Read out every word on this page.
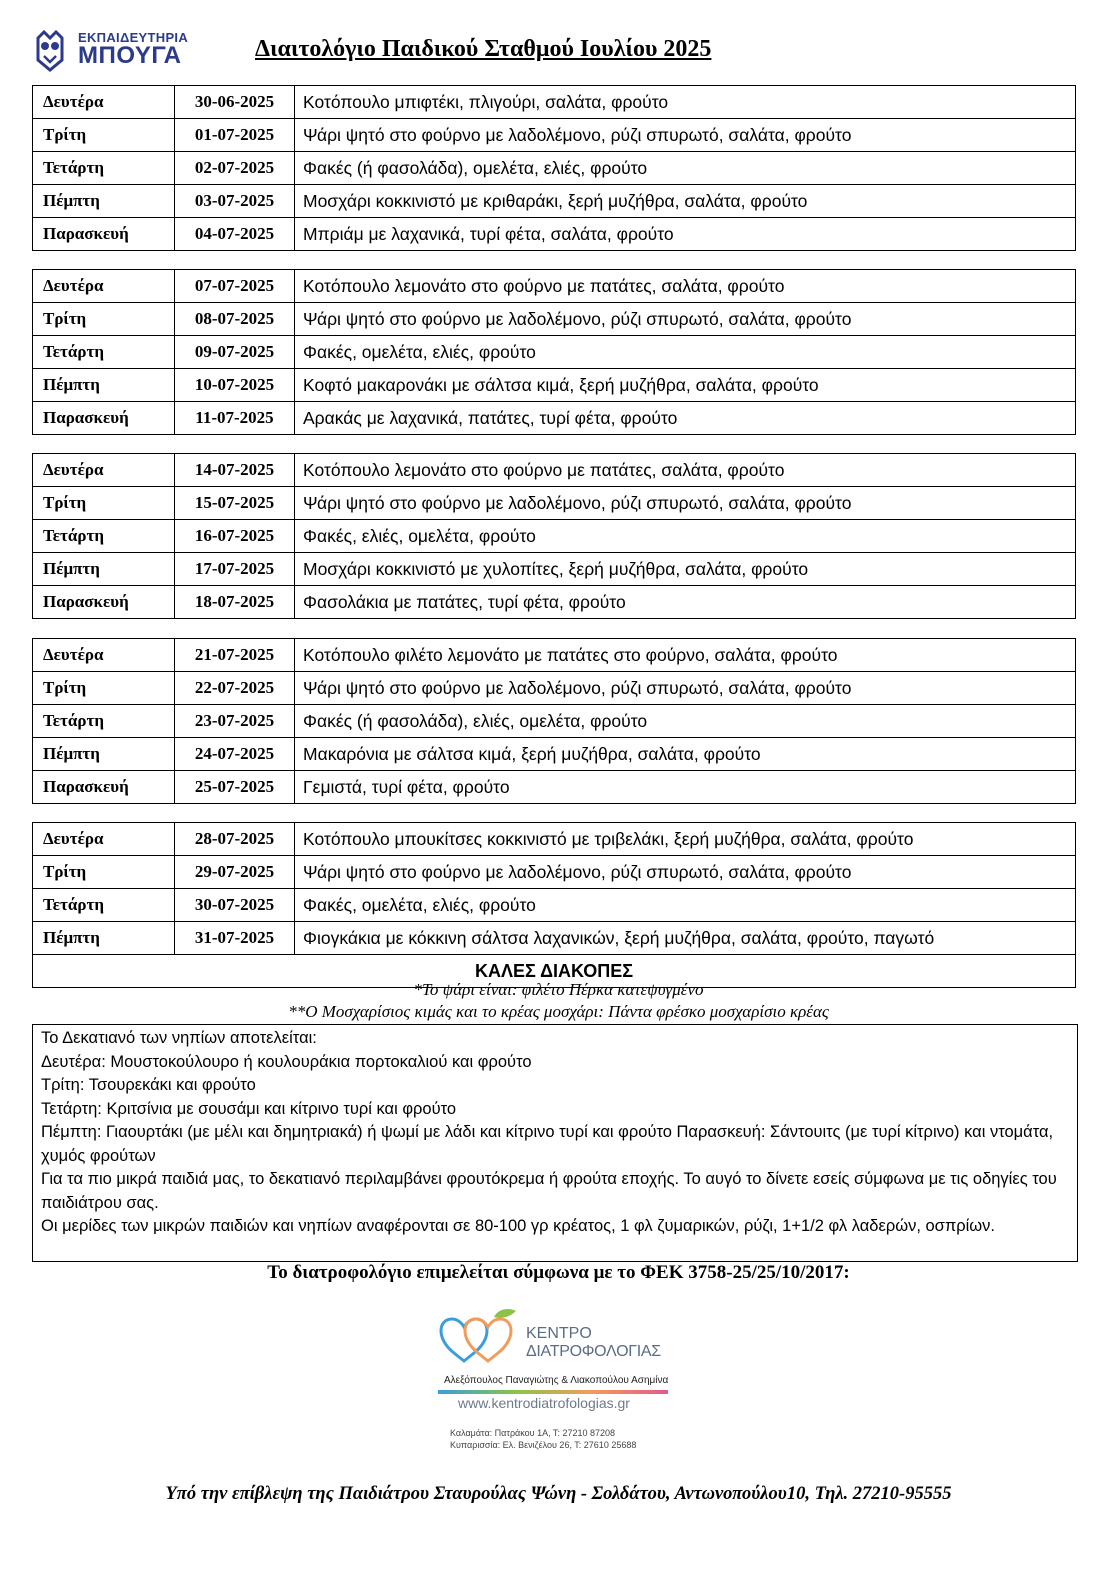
ΕΚΠΑΙΔΕΥΤΗΡΙΑ
ΜΠΟΥΓΑ	Διαιτολόγιο Παιδικού Σταθμού Ιουλίου 2025
Δευτέρα	30-06-2025	Κοτόπουλο μπιφτέκι, πλιγούρι, σαλάτα, φρούτο
Τρίτη	01-07-2025	Ψάρι ψητό στο φούρνο με λαδολέμονο, ρύζι σπυρωτό, σαλάτα, φρούτο
Τετάρτη	02-07-2025	Φακές (ή φασολάδα), ομελέτα, ελιές, φρούτο
Πέμπτη	03-07-2025	Μοσχάρι κοκκινιστό με κριθαράκι, ξερή μυζήθρα, σαλάτα, φρούτο
Παρασκευή	04-07-2025	Μπριάμ με λαχανικά, τυρί φέτα, σαλάτα, φρούτο
Δευτέρα	07-07-2025	Κοτόπουλο λεμονάτο στο φούρνο με πατάτες, σαλάτα, φρούτο
Τρίτη	08-07-2025	Ψάρι ψητό στο φούρνο με λαδολέμονο, ρύζι σπυρωτό, σαλάτα, φρούτο
Τετάρτη	09-07-2025	Φακές, ομελέτα, ελιές, φρούτο
Πέμπτη	10-07-2025	Κοφτό μακαρονάκι με σάλτσα κιμά, ξερή μυζήθρα, σαλάτα, φρούτο
Παρασκευή	11-07-2025	Αρακάς με λαχανικά, πατάτες, τυρί φέτα, φρούτο
Δευτέρα	14-07-2025	Κοτόπουλο λεμονάτο στο φούρνο με πατάτες, σαλάτα, φρούτο
Τρίτη	15-07-2025	Ψάρι ψητό στο φούρνο με λαδολέμονο, ρύζι σπυρωτό, σαλάτα, φρούτο
Τετάρτη	16-07-2025	Φακές, ελιές, ομελέτα, φρούτο
Πέμπτη	17-07-2025	Μοσχάρι κοκκινιστό με χυλοπίτες, ξερή μυζήθρα, σαλάτα, φρούτο
Παρασκευή	18-07-2025	Φασολάκια με πατάτες, τυρί φέτα, φρούτο
Δευτέρα	21-07-2025	Κοτόπουλο φιλέτο λεμονάτο με πατάτες στο φούρνο, σαλάτα, φρούτο
Τρίτη	22-07-2025	Ψάρι ψητό στο φούρνο με λαδολέμονο, ρύζι σπυρωτό, σαλάτα, φρούτο
Τετάρτη	23-07-2025	Φακές (ή φασολάδα), ελιές, ομελέτα, φρούτο
Πέμπτη	24-07-2025	Μακαρόνια με σάλτσα κιμά, ξερή μυζήθρα, σαλάτα, φρούτο
Παρασκευή	25-07-2025	Γεμιστά, τυρί φέτα, φρούτο
Δευτέρα	28-07-2025	Κοτόπουλο μπουκίτσες κοκκινιστό με τριβελάκι, ξερή μυζήθρα, σαλάτα, φρούτο
Τρίτη	29-07-2025	Ψάρι ψητό στο φούρνο με λαδολέμονο, ρύζι σπυρωτό, σαλάτα, φρούτο
Τετάρτη	30-07-2025	Φακές, ομελέτα, ελιές, φρούτο
Πέμπτη	31-07-2025	Φιογκάκια με κόκκινη σάλτσα λαχανικών, ξερή μυζήθρα, σαλάτα, φρούτο, παγωτό
ΚΑΛΕΣ ΔΙΑΚΟΠΕΣ		
*Το ψάρι είναι: φιλέτο Πέρκα κατεψυγμένο
**Ο Μοσχαρίσιος κιμάς και το κρέας μοσχάρι: Πάντα φρέσκο μοσχαρίσιο κρέας
Το Δεκατιανό των νηπίων αποτελείται:
Δευτέρα: Μουστοκούλουρο ή κουλουράκια πορτοκαλιού και φρούτο
Τρίτη: Τσουρεκάκι και φρούτο
Τετάρτη: Κριτσίνια με σουσάμι και κίτρινο τυρί και φρούτο
Πέμπτη: Γιαουρτάκι (με μέλι και δημητριακά) ή ψωμί με λάδι και κίτρινο τυρί και φρούτο Παρασκευή: Σάντουιτς (με τυρί κίτρινο) και ντομάτα, χυμός φρούτων
Για τα πιο μικρά παιδιά μας, το δεκατιανό περιλαμβάνει φρουτόκρεμα ή φρούτα εποχής. Το αυγό το δίνετε εσείς σύμφωνα με τις οδηγίες του παιδιάτρου σας.
Οι μερίδες των μικρών παιδιών και νηπίων αναφέρονται σε 80-100 γρ κρέατος, 1 φλ ζυμαρικών, ρύζι, 1+1/2 φλ λαδερών, οσπρίων.
Το διατροφολόγιο επιμελείται σύμφωνα με το ΦΕΚ 3758-25/25/10/2017:
ΚΕΝΤΡΟ
ΔΙΑΤΡΟΦΟΛΟΓΙΑΣ
Αλεξόπουλος Παναγιώτης & Λιακοπούλου Ασημίνα
www.kentrodiatrofologias.gr
Καλαμάτα: Πατράκου 1Α, Τ: 27210 87208
Κυπαρισσία: Ελ. Βενιζέλου 26, Τ: 27610 25688
Υπό την επίβλεψη της Παιδιάτρου Σταυρούλας Ψώνη - Σολδάτου, Αντωνοπούλου10, Τηλ. 27210-95555
